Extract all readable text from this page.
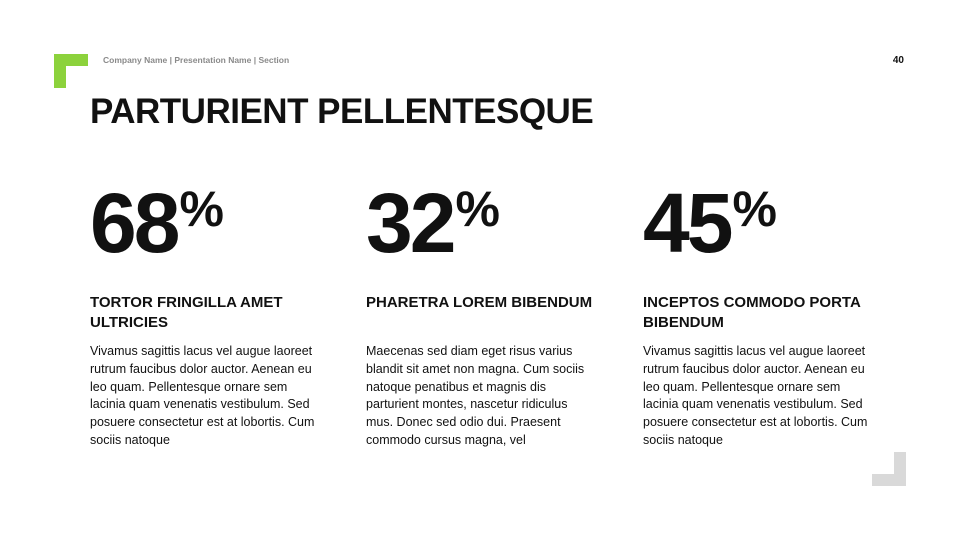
Company Name | Presentation Name | Section	40
PARTURIENT PELLENTESQUE
68%
TORTOR FRINGILLA AMET ULTRICIES

Vivamus sagittis lacus vel augue laoreet rutrum faucibus dolor auctor. Aenean eu leo quam. Pellentesque ornare sem lacinia quam venenatis vestibulum. Sed posuere consectetur est at lobortis. Cum sociis natoque

32%
PHARETRA LOREM BIBENDUM

Maecenas sed diam eget risus varius blandit sit amet non magna. Cum sociis natoque penatibus et magnis dis parturient montes, nascetur ridiculus mus. Donec sed odio dui. Praesent commodo cursus magna, vel

45%
INCEPTOS COMMODO PORTA BIBENDUM

Vivamus sagittis lacus vel augue laoreet rutrum faucibus dolor auctor. Aenean eu leo quam. Pellentesque ornare sem lacinia quam venenatis vestibulum. Sed posuere consectetur est at lobortis. Cum sociis natoque
